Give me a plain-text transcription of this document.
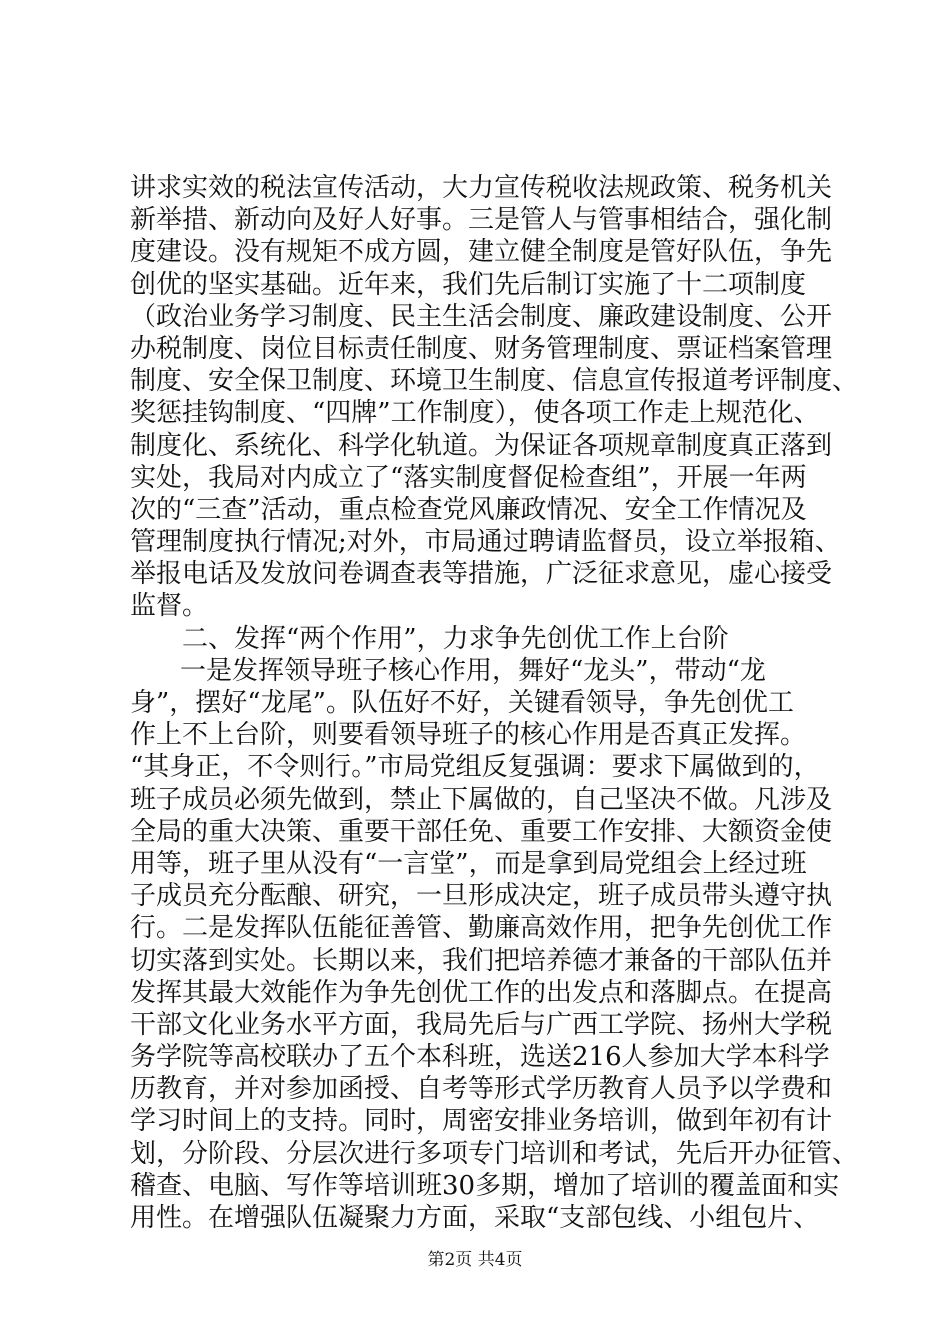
讲求实效的税法宣传活动，大力宣传税收法规政策、税务机关
新举措、新动向及好人好事。三是管人与管事相结合，强化制
度建设。没有规矩不成方圆，建立健全制度是管好队伍，争先
创优的坚实基础。近年来，我们先后制订实施了十二项制度
（政治业务学习制度、民主生活会制度、廉政建设制度、公开
办税制度、岗位目标责任制度、财务管理制度、票证档案管理
制度、安全保卫制度、环境卫生制度、信息宣传报道考评制度、
奖惩挂钩制度、“四牌”工作制度），使各项工作走上规范化、
制度化、系统化、科学化轨道。为保证各项规章制度真正落到
实处，我局对内成立了“落实制度督促检查组”，开展一年两
次的“三查”活动，重点检查党风廉政情况、安全工作情况及
管理制度执行情况;对外，市局通过聘请监督员，设立举报箱、
举报电话及发放问卷调查表等措施，广泛征求意见，虚心接受
监督。
二、发挥“两个作用”，力求争先创优工作上台阶
一是发挥领导班子核心作用，舞好“龙头”，带动“龙
身”，摆好“龙尾”。队伍好不好，关键看领导，争先创优工
作上不上台阶，则要看领导班子的核心作用是否真正发挥。
“其身正，不令则行。”市局党组反复强调：要求下属做到的，
班子成员必须先做到，禁止下属做的，自己坚决不做。凡涉及
全局的重大决策、重要干部任免、重要工作安排、大额资金使
用等，班子里从没有“一言堂”，而是拿到局党组会上经过班
子成员充分酝酿、研究，一旦形成决定，班子成员带头遵守执
行。二是发挥队伍能征善管、勤廉高效作用，把争先创优工作
切实落到实处。长期以来，我们把培养德才兼备的干部队伍并
发挥其最大效能作为争先创优工作的出发点和落脚点。在提高
干部文化业务水平方面，我局先后与广西工学院、扬州大学税
务学院等高校联办了五个本科班，选送216人参加大学本科学
历教育，并对参加函授、自考等形式学历教育人员予以学费和
学习时间上的支持。同时，周密安排业务培训，做到年初有计
划，分阶段、分层次进行多项专门培训和考试，先后开办征管、
稽查、电脑、写作等培训班30多期，增加了培训的覆盖面和实
用性。在增强队伍凝聚力方面，采取“支部包线、小组包片、
第2页 共4页
